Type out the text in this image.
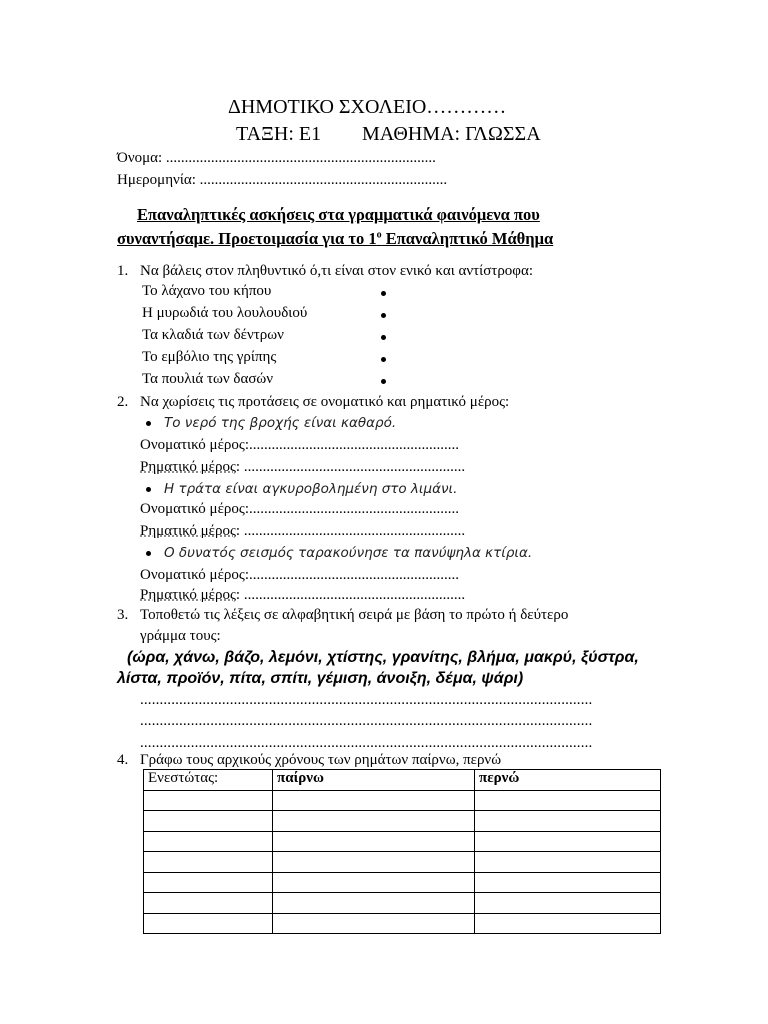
ΔΗΜΟΤΙΚΟ ΣΧΟΛΕΙΟ…………
ΤΑΞΗ: Ε1 ΜΑΘΗΜΑ: ΓΛΩΣΣΑ
Όνομα: ........................................................................
Ημερομηνία: ..................................................................
Επαναληπτικές ασκήσεις στα γραμματικά φαινόμενα που
συναντήσαμε. Προετοιμασία για το $1^o$ Επαναληπτικό Μάθημα
1. Να βάλεις στον πληθυντικό ό,τι είναι στον ενικό και αντίστροφα:
Το λάχανο του κήπου
Η μυρωδιά του λουλουδιού
Τα κλαδιά των δέντρων
Το εμβόλιο της γρίπης
Τα πουλιά των δασών
2. Να χωρίσεις τις προτάσεις σε ονοματικό και ρηματικό μέρος:
Το νερό της βροχής είναι καθαρό.
Ονοματικό μέρος:........................................................
Ρηματικό μέρος: ...........................................................
Η τράτα είναι αγκυροβολημένη στο λιμάνι.
Ονοματικό μέρος:........................................................
Ρηματικό μέρος: ...........................................................
Ο δυνατός σεισμός ταρακούνησε τα πανύψηλα κτίρια.
Ονοματικό μέρος:........................................................
Ρηματικό μέρος: ...........................................................
3. Τοποθετώ τις λέξεις σε αλφαβητική σειρά με βάση το πρώτο ή δεύτερο
γράμμα τους:
(ώρα, χάνω, βάζο, λεμόνι, χτίστης, γρανίτης, βλήμα, μακρύ, ξύστρα,
λίστα, προϊόν, πίτα, σπίτι, γέμιση, άνοιξη, δέμα, ψάρι)
....................................................................................................................
....................................................................................................................
....................................................................................................................
4. Γράφω τους αρχικούς χρόνους των ρημάτων παίρνω, περνώ
Ενεστώτας:	παίρνω	περνώ
